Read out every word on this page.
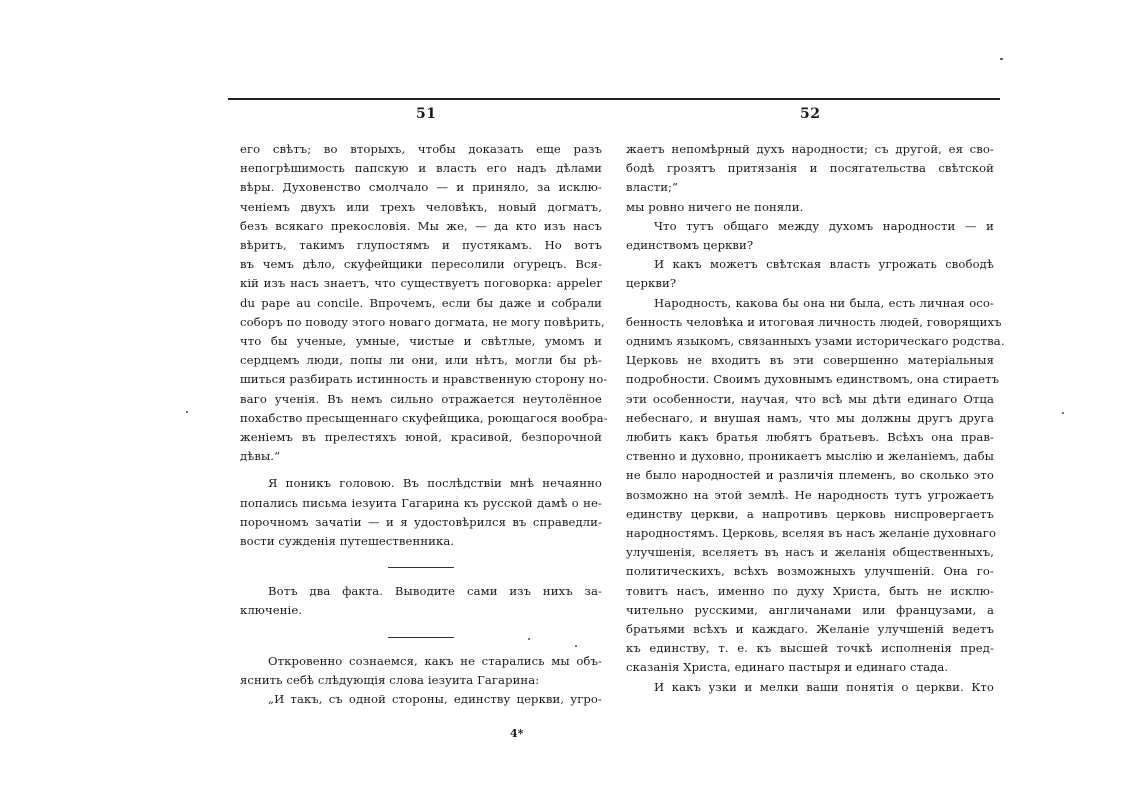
51	52

его свѣтъ; во вторыхъ, чтобы доказать еще разъ
непогрѣшимость папскую и власть его надъ дѣлами
вѣры. Духовенство смолчало — и приняло, за исклю-
ченіемъ двухъ или трехъ человѣкъ, новый догматъ,
безъ всякаго прекословія. Мы же, — да кто изъ насъ
вѣритъ, такимъ глупостямъ и пустякамъ. Но вотъ
въ чемъ дѣло, скуфейщики пересолили огурецъ. Вся-
кій изъ насъ знаетъ, что существуетъ поговорка: appeler
du pape au concile. Впрочемъ, если бы даже и собрали
соборъ по поводу этого новаго догмата, не могу повѣрить,
что бы ученые, умные, чистые и свѣтлые, умомъ и
сердцемъ люди, попы ли они, или нѣтъ, могли бы рѣ-
шиться разбирать истинность и нравственную сторону но-
ваго ученія. Въ немъ сильно отражается неутолённое
похабство пресыщеннаго скуфейщика, роющагося вообра-
женіемъ въ прелестяхъ юной, красивой, безпорочной
дѣвы.“

Я поникъ головою. Въ послѣдствіи мнѣ нечаянно
попались письма іезуита Гагарина къ русской дамѣ о не-
порочномъ зачатіи — и я удостовѣрился въ справедли-
вости сужденія путешественника.

Вотъ два факта. Выводите сами изъ нихъ за-
ключеніе.

Откровенно сознаемся, какъ не старались мы объ-
яснить себѣ слѣдующія слова іезуита Гагарина:
„И такъ, съ одной стороны, единству церкви, угро-

4*

жаетъ непомѣрный духъ народности; съ другой, ея сво-
бодѣ грозятъ притязанія и посягательства свѣтской
власти;“

мы ровно ничего не поняли.

Что тутъ общаго между духомъ народности — и
единствомъ церкви?

И какъ можетъ свѣтская власть угрожать свободѣ
церкви?

Народность, какова бы она ни была, есть личная осо-
бенность человѣка и итоговая личность людей, говорящихъ
однимъ языкомъ, связанныхъ узами историческаго родства.
Церковь не входитъ въ эти совершенно матеріальныя
подробности. Своимъ духовнымъ единствомъ, она стираетъ
эти особенности, научая, что всѣ мы дѣти единаго Отца
небеснаго, и внушая намъ, что мы должны другъ друга
любить какъ братья любятъ братьевъ. Всѣхъ она прав-
ственно и духовно, проникаетъ мыслію и желаніемъ, дабы
не было народностей и различія племенъ, во сколько это
возможно на этой землѣ. Не народность тутъ угрожаетъ
единству церкви, а напротивъ церковь ниспровергаетъ
народностямъ. Церковь, вселяя въ насъ желаніе духовнаго
улучшенія, вселяетъ въ насъ и желанія общественныхъ,
политическихъ, всѣхъ возможныхъ улучшеній. Она го-
товитъ насъ, именно по духу Христа, быть не исклю-
чительно русскими, англичанами или французами, а
братьями всѣхъ и каждаго. Желаніе улучшеній ведетъ
къ единству, т. е. къ высшей точкѣ исполненія пред-
сказанія Христа, единаго пастыря и единаго стада.

И какъ узки и мелки ваши понятія о церкви. Кто
